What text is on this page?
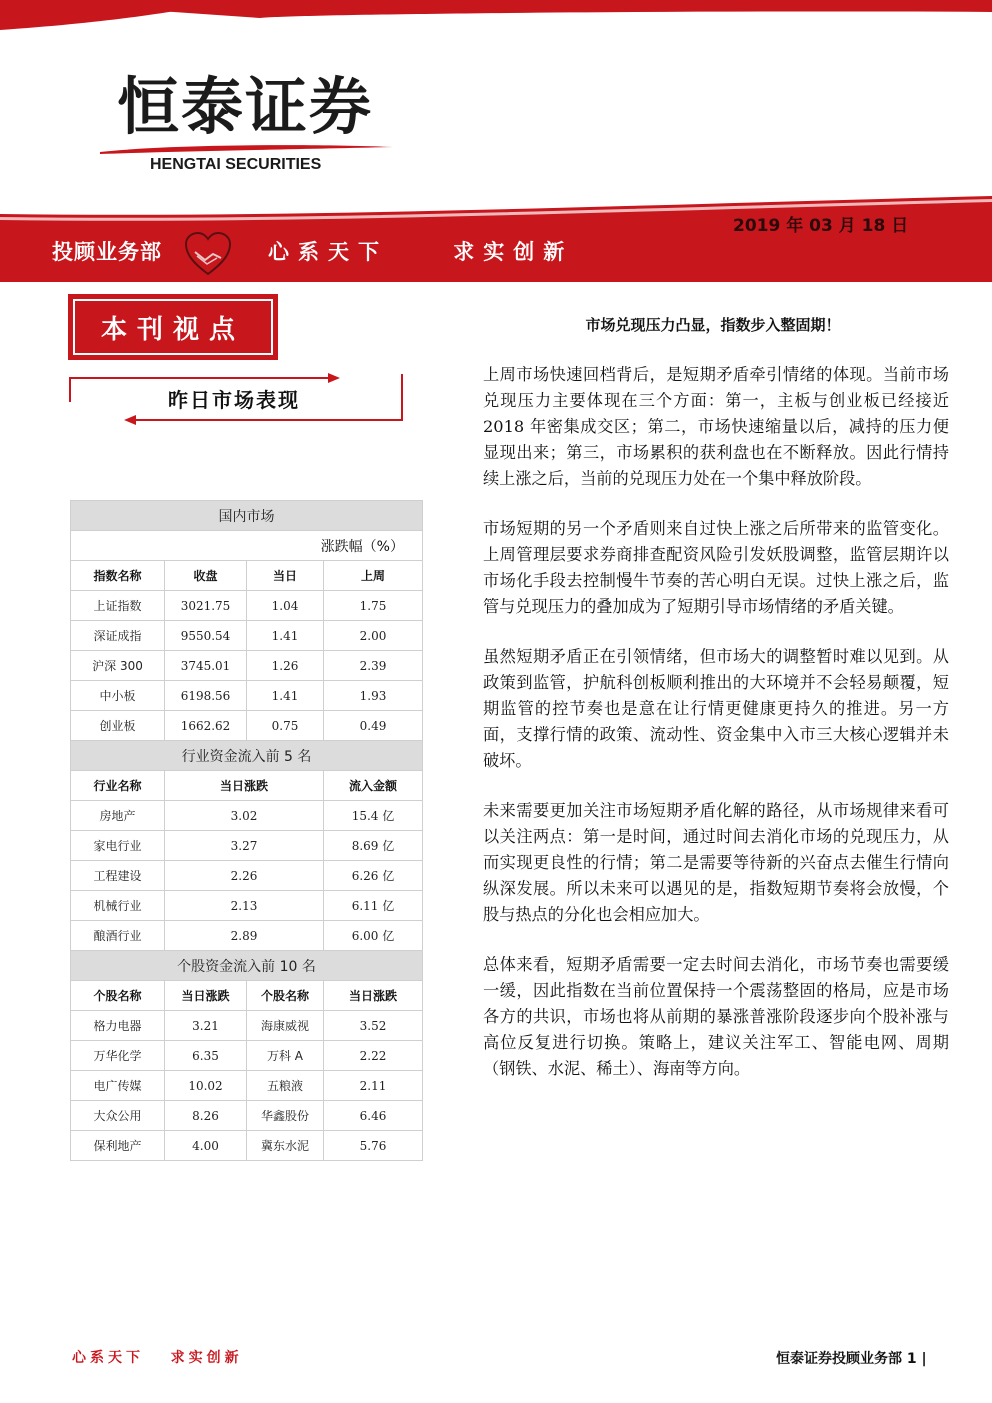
恒泰证券
HENGTAI SECURITIES
2019 年 03 月 18 日
投顾业务部	心系天下    求实创新
本刊视点
昨日市场表现
国内市场			
涨跌幅（%）			
指数名称	收盘	当日	上周
上证指数	3021.75	1.04	1.75
深证成指	9550.54	1.41	2.00
沪深 300	3745.01	1.26	2.39
中小板	6198.56	1.41	1.93
创业板	1662.62	0.75	0.49
行业资金流入前 5 名			
行业名称	当日涨跌		流入金额
房地产	3.02		15.4 亿
家电行业	3.27		8.69 亿
工程建设	2.26		6.26 亿
机械行业	2.13		6.11 亿
酿酒行业	2.89		6.00 亿
个股资金流入前 10 名			
个股名称	当日涨跌	个股名称	当日涨跌
格力电器	3.21	海康威视	3.52
万华化学	6.35	万科 A	2.22
电广传媒	10.02	五粮液	2.11
大众公用	8.26	华鑫股份	6.46
保利地产	4.00	冀东水泥	5.76
市场兑现压力凸显，指数步入整固期！

上周市场快速回档背后，是短期矛盾牵引情绪的体现。当前市场兑现压力主要体现在三个方面：第一，主板与创业板已经接近 2018 年密集成交区；第二，市场快速缩量以后，减持的压力便显现出来；第三，市场累积的获利盘也在不断释放。因此行情持续上涨之后，当前的兑现压力处在一个集中释放阶段。

市场短期的另一个矛盾则来自过快上涨之后所带来的监管变化。上周管理层要求券商排查配资风险引发妖股调整，监管层期许以市场化手段去控制慢牛节奏的苦心明白无误。过快上涨之后，监管与兑现压力的叠加成为了短期引导市场情绪的矛盾关键。

虽然短期矛盾正在引领情绪，但市场大的调整暂时难以见到。从政策到监管，护航科创板顺利推出的大环境并不会轻易颠覆，短期监管的控节奏也是意在让行情更健康更持久的推进。另一方面，支撑行情的政策、流动性、资金集中入市三大核心逻辑并未破坏。

未来需要更加关注市场短期矛盾化解的路径，从市场规律来看可以关注两点：第一是时间，通过时间去消化市场的兑现压力，从而实现更良性的行情；第二是需要等待新的兴奋点去催生行情向纵深发展。所以未来可以遇见的是，指数短期节奏将会放慢，个股与热点的分化也会相应加大。

总体来看，短期矛盾需要一定去时间去消化，市场节奏也需要缓一缓，因此指数在当前位置保持一个震荡整固的格局，应是市场各方的共识，市场也将从前期的暴涨普涨阶段逐步向个股补涨与高位反复进行切换。策略上，建议关注军工、智能电网、周期（钢铁、水泥、稀土）、海南等方向。

心系天下   求实创新	恒泰证券投顾业务部 1 |
